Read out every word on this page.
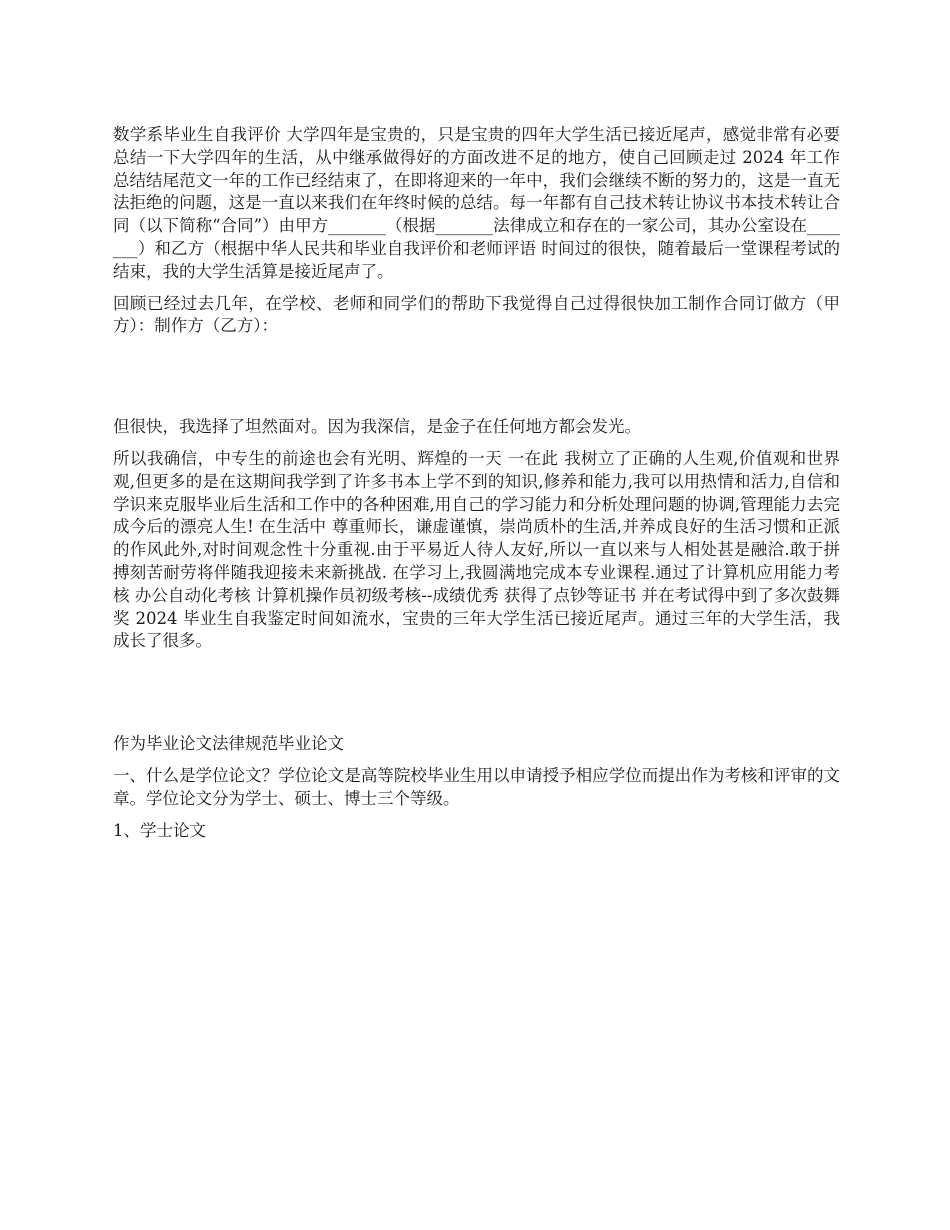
数学系毕业生自我评价 大学四年是宝贵的，只是宝贵的四年大学生活已接近尾声，感觉非常有必要总结一下大学四年的生活，从中继承做得好的方面改进不足的地方，使自己回顾走过 2024 年工作总结结尾范文一年的工作已经结束了，在即将迎来的一年中，我们会继续不断的努力的，这是一直无法拒绝的问题，这是一直以来我们在年终时候的总结。每一年都有自己技术转让协议书本技术转让合同（以下简称“合同”）由甲方_______（根据_______法律成立和存在的一家公司，其办公室设在_______）和乙方（根据中华人民共和毕业自我评价和老师评语 时间过的很快，随着最后一堂课程考试的结束，我的大学生活算是接近尾声了。

回顾已经过去几年，在学校、老师和同学们的帮助下我觉得自己过得很快加工制作合同订做方（甲方）：制作方（乙方）：

但很快，我选择了坦然面对。因为我深信，是金子在任何地方都会发光。

所以我确信，中专生的前途也会有光明、辉煌的一天 一在此 我树立了正确的人生观,价值观和世界观,但更多的是在这期间我学到了许多书本上学不到的知识,修养和能力,我可以用热情和活力,自信和学识来克服毕业后生活和工作中的各种困难,用自己的学习能力和分析处理问题的协调,管理能力去完成今后的漂亮人生! 在生活中 尊重师长，谦虚谨慎，崇尚质朴的生活,并养成良好的生活习惯和正派的作风此外,对时间观念性十分重视.由于平易近人待人友好,所以一直以来与人相处甚是融洽.敢于拼搏刻苦耐劳将伴随我迎接未来新挑战. 在学习上,我圆满地完成本专业课程.通过了计算机应用能力考核 办公自动化考核 计算机操作员初级考核--成绩优秀 获得了点钞等证书 并在考试得中到了多次鼓舞奖 2024 毕业生自我鉴定时间如流水，宝贵的三年大学生活已接近尾声。通过三年的大学生活，我成长了很多。

作为毕业论文法律规范毕业论文

一、什么是学位论文？学位论文是高等院校毕业生用以申请授予相应学位而提出作为考核和评审的文章。学位论文分为学士、硕士、博士三个等级。

1、学士论文
